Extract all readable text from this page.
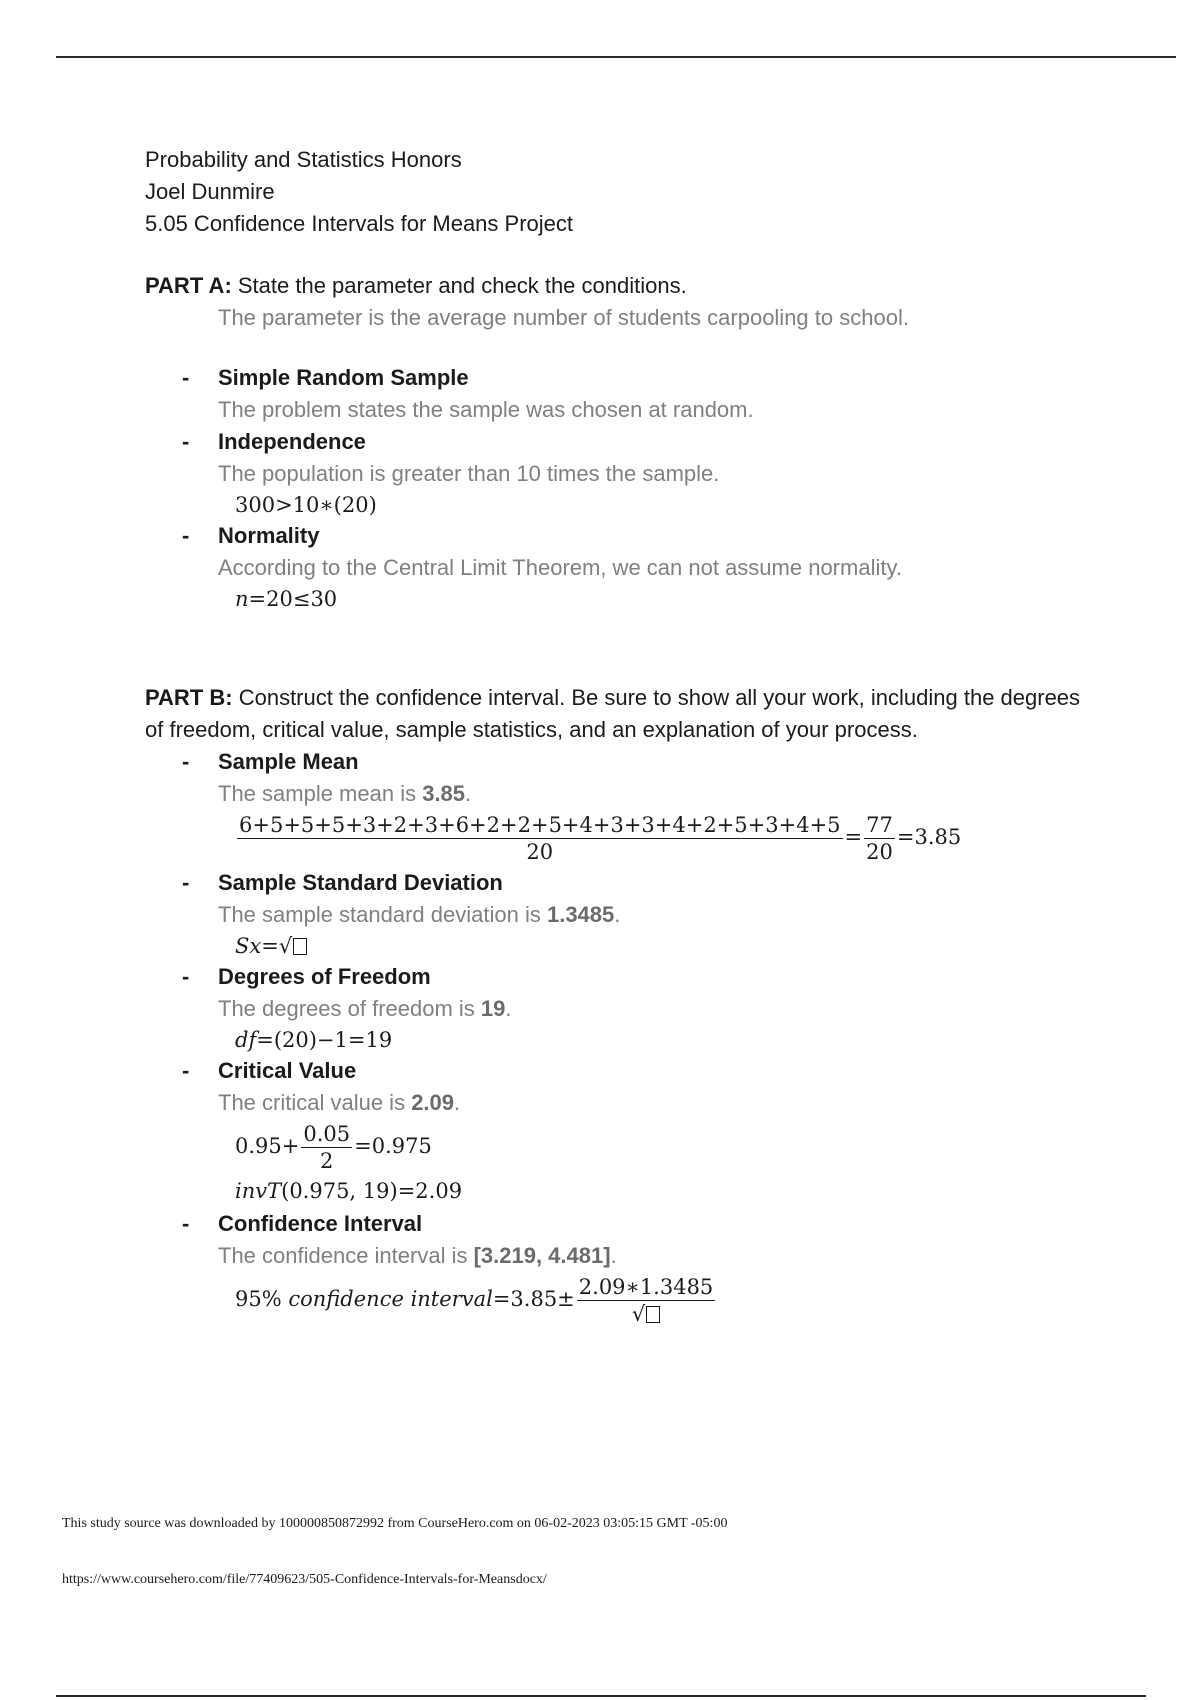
Probability and Statistics Honors

Joel Dunmire

5.05 Confidence Intervals for Means Project

PART A: State the parameter and check the conditions.

The parameter is the average number of students carpooling to school.

- Simple Random Sample

The problem states the sample was chosen at random.

- Independence

The population is greater than 10 times the sample.

300>10∗(20)
- Normality

According to the Central Limit Theorem, we can not assume normality.

n =20≤30

PART B: Construct the confidence interval. Be sure to show all your work, including the degrees of freedom, critical value, sample statistics, and an explanation of your process.

- Sample Mean

The sample mean is 3.85.

$\frac{6+5+5+5+3+2+3+6+2+2+5+4+3+3+4+2+5+3+4+5}{20} = \frac{77}{20} =3.85$
- Sample Standard Deviation

The sample standard deviation is 1.3485.

Sx =√
- Degrees of Freedom

The degrees of freedom is 19.

df =(20)−1=19
- Critical Value

The critical value is 2.09.

$0.95+ \frac{0.05}{2} =0.975$
invT(0.975, 19)=2.09
- Confidence Interval

The confidence interval is [3.219, 4.481].

95% confidence interval=3.85± $\frac{2.09∗1.3485}{√}$
This study source was downloaded by 100000850872992 from CourseHero.com on 06-02-2023 03:05:15 GMT -05:00
https://www.coursehero.com/file/77409623/505-Confidence-Intervals-for-Meansdocx/
